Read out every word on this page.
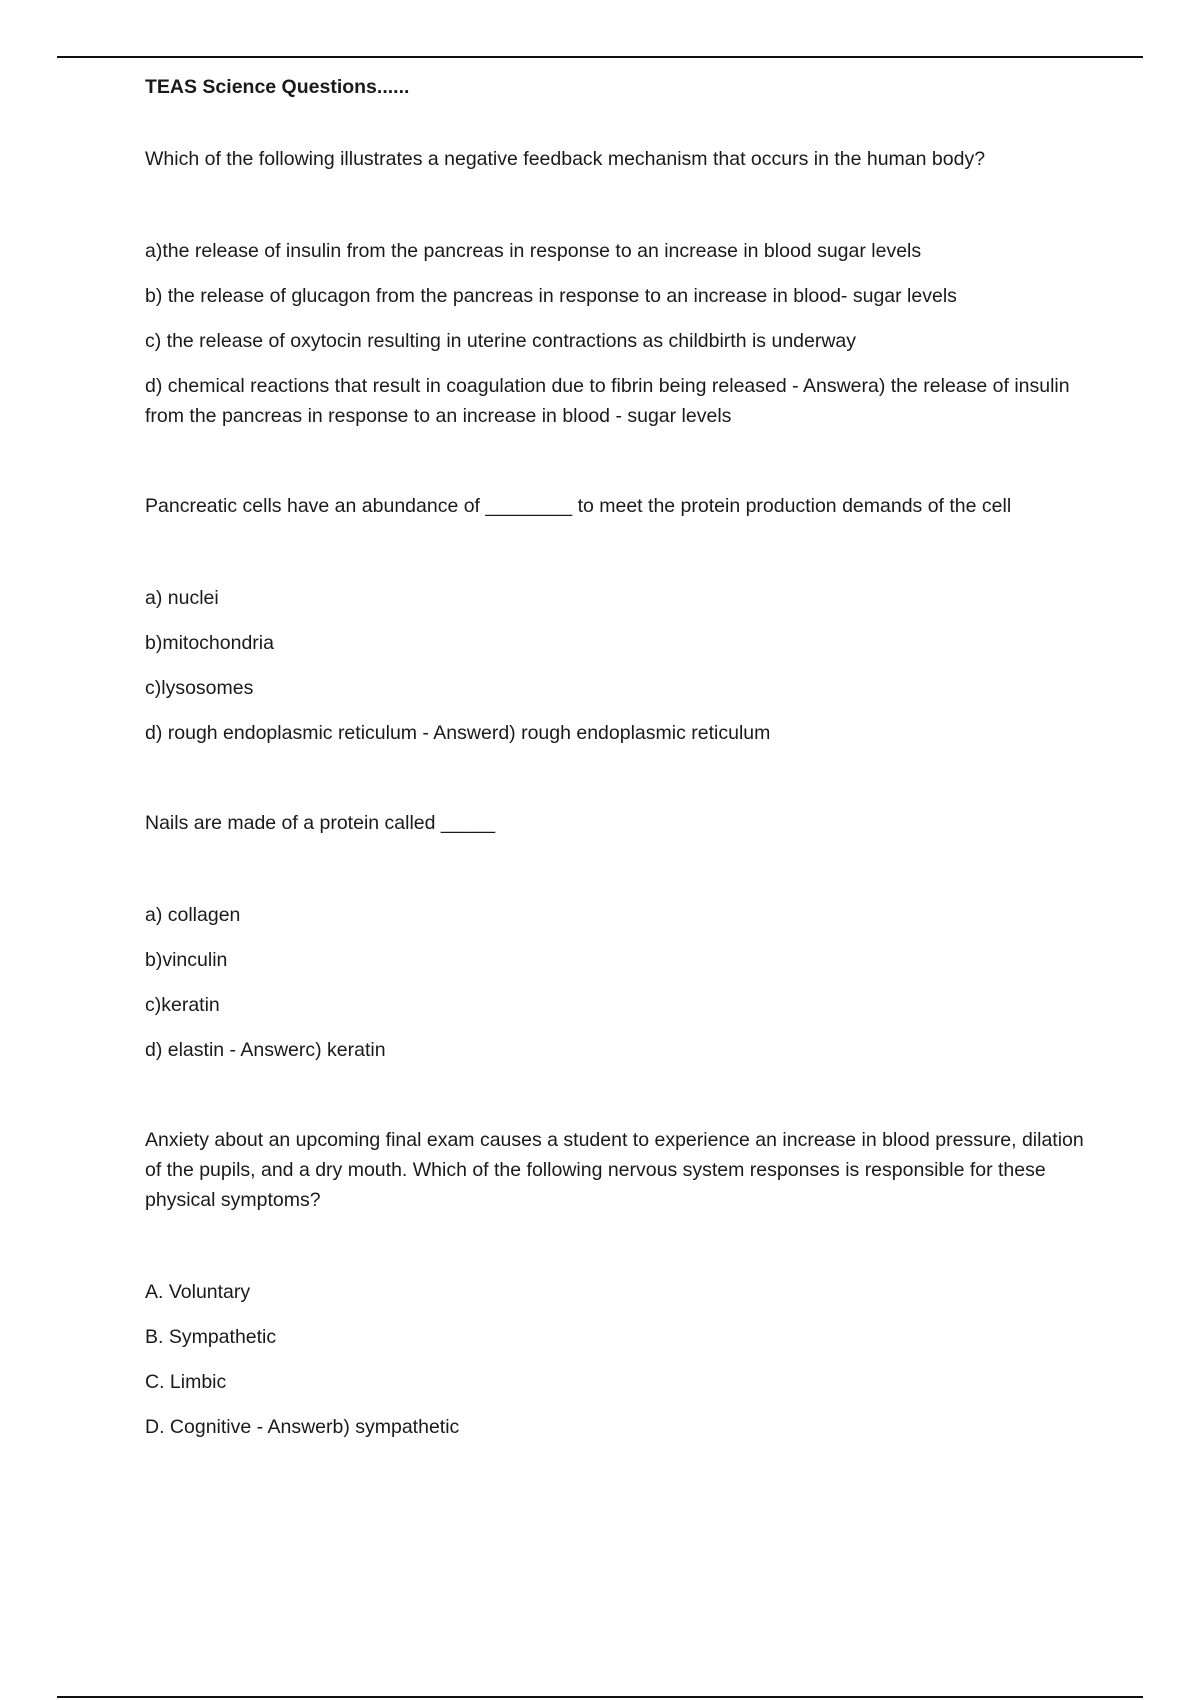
TEAS Science Questions......

Which of the following illustrates a negative feedback mechanism that occurs in the human body?

a)the release of insulin from the pancreas in response to an increase in blood sugar levels

b) the release of glucagon from the pancreas in response to an increase in blood- sugar levels

c) the release of oxytocin resulting in uterine contractions as childbirth is underway

d) chemical reactions that result in coagulation due to fibrin being released - Answera) the release of insulin from the pancreas in response to an increase in blood - sugar levels

Pancreatic cells have an abundance of ________ to meet the protein production demands of the cell

a) nuclei

b)mitochondria

c)lysosomes

d) rough endoplasmic reticulum - Answerd) rough endoplasmic reticulum

Nails are made of a protein called _____

a) collagen

b)vinculin

c)keratin

d) elastin - Answerc) keratin

Anxiety about an upcoming final exam causes a student to experience an increase in blood pressure, dilation of the pupils, and a dry mouth. Which of the following nervous system responses is responsible for these physical symptoms?

A. Voluntary

B. Sympathetic

C. Limbic

D. Cognitive - Answerb) sympathetic
